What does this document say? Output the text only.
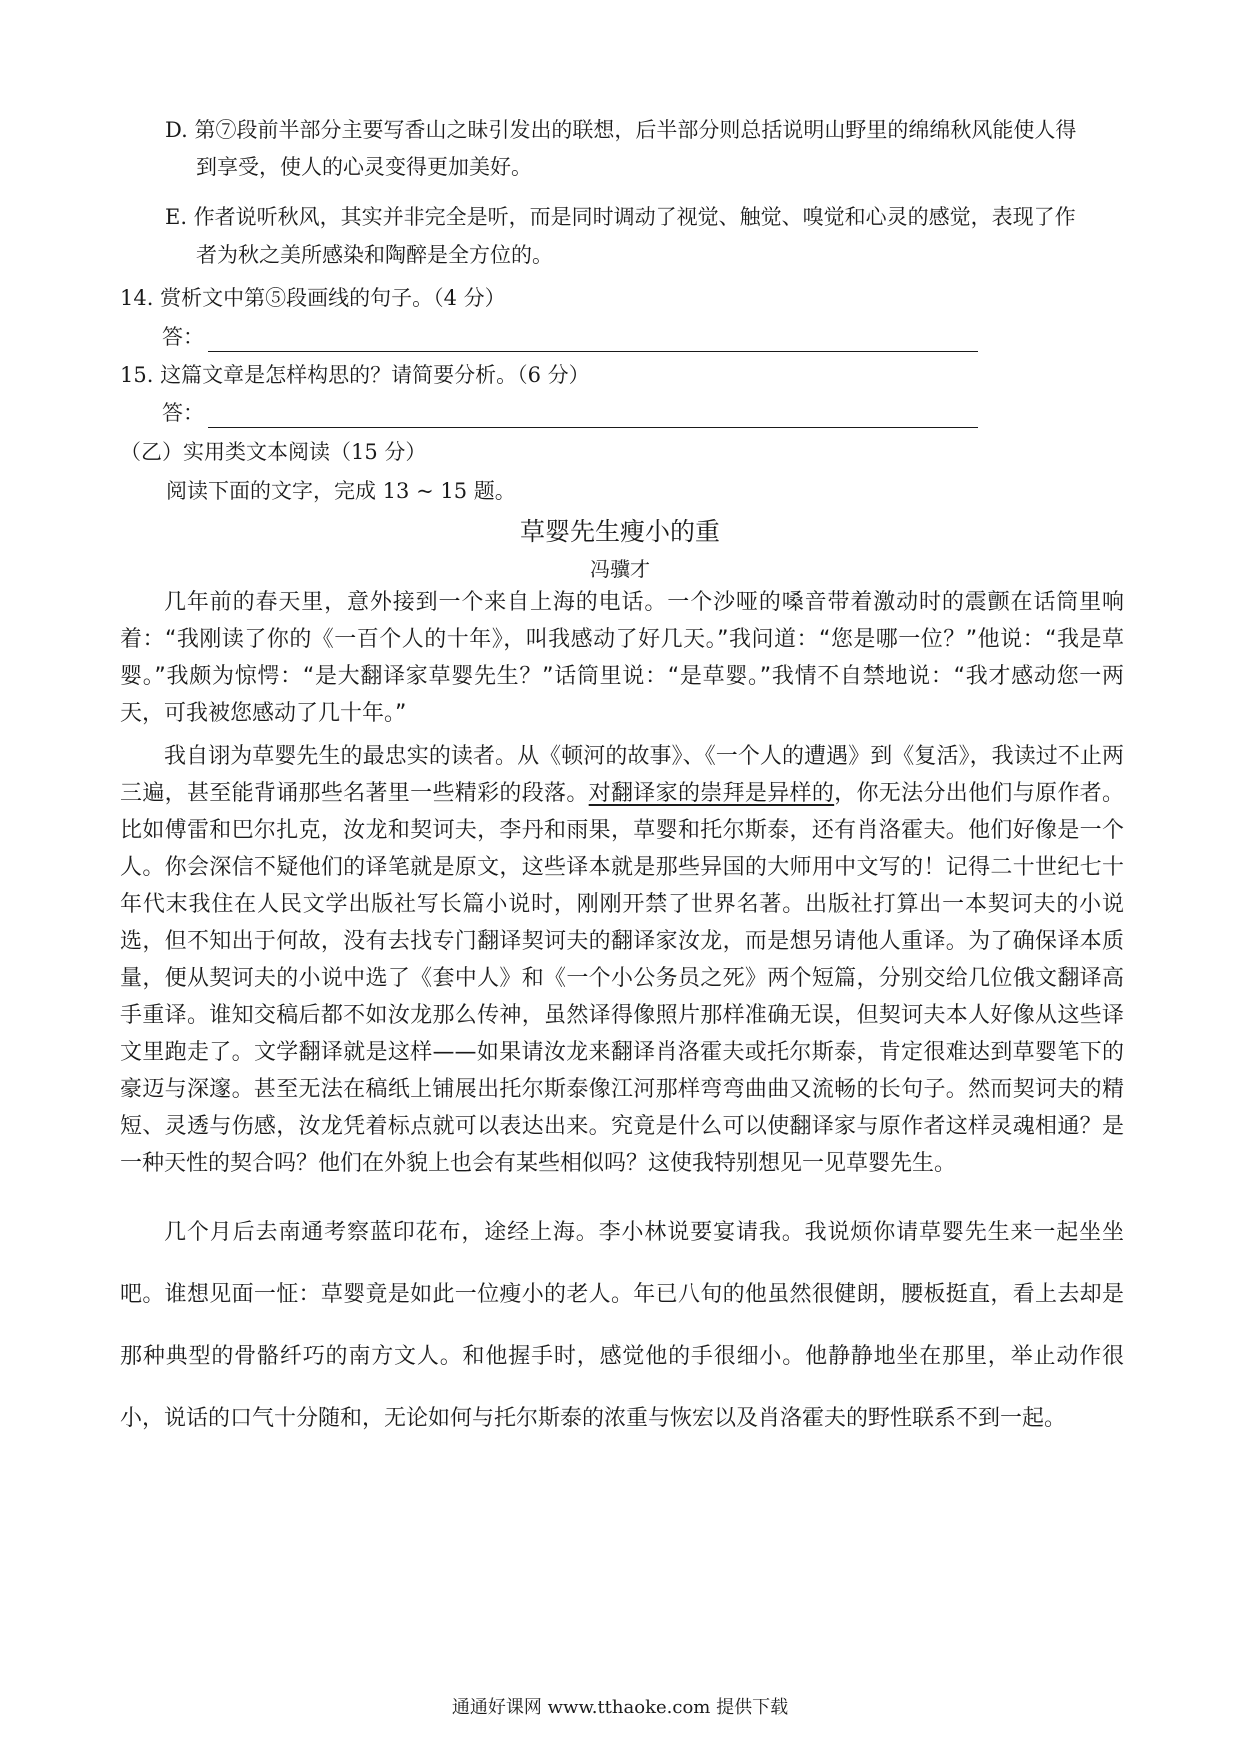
D. 第⑦段前半部分主要写香山之昧引发出的联想，后半部分则总括说明山野里的绵绵秋风能使人得
到享受，使人的心灵变得更加美好。
E. 作者说听秋风，其实并非完全是听，而是同时调动了视觉、触觉、嗅觉和心灵的感觉，表现了作
者为秋之美所感染和陶醉是全方位的。
14. 赏析文中第⑤段画线的句子。（4 分）
答：
15. 这篇文章是怎样构思的？请简要分析。（6 分）
答：
（乙）实用类文本阅读（15 分）
阅读下面的文字，完成 13 ~ 15 题。
草婴先生瘦小的重
冯骥才
几年前的春天里，意外接到一个来自上海的电话。一个沙哑的嗓音带着激动时的震颤在话筒里响着：“我刚读了你的《一百个人的十年》，叫我感动了好几天。”我问道：“您是哪一位？”他说：“我是草婴。”我颇为惊愕：“是大翻译家草婴先生？”话筒里说：“是草婴。”我情不自禁地说：“我才感动您一两天，可我被您感动了几十年。”
我自诩为草婴先生的最忠实的读者。从《顿河的故事》、《一个人的遭遇》到《复活》，我读过不止两三遍，甚至能背诵那些名著里一些精彩的段落。对翻译家的崇拜是异样的，你无法分出他们与原作者。比如傅雷和巴尔扎克，汝龙和契诃夫，李丹和雨果，草婴和托尔斯泰，还有肖洛霍夫。他们好像是一个人。你会深信不疑他们的译笔就是原文，这些译本就是那些异国的大师用中文写的！记得二十世纪七十年代末我住在人民文学出版社写长篇小说时，刚刚开禁了世界名著。出版社打算出一本契诃夫的小说选，但不知出于何故，没有去找专门翻译契诃夫的翻译家汝龙，而是想另请他人重译。为了确保译本质量，便从契诃夫的小说中选了《套中人》和《一个小公务员之死》两个短篇，分别交给几位俄文翻译高手重译。谁知交稿后都不如汝龙那么传神，虽然译得像照片那样准确无误，但契诃夫本人好像从这些译文里跑走了。文学翻译就是这样——如果请汝龙来翻译肖洛霍夫或托尔斯泰，肯定很难达到草婴笔下的豪迈与深邃。甚至无法在稿纸上铺展出托尔斯泰像江河那样弯弯曲曲又流畅的长句子。然而契诃夫的精短、灵透与伤感，汝龙凭着标点就可以表达出来。究竟是什么可以使翻译家与原作者这样灵魂相通？是一种天性的契合吗？他们在外貌上也会有某些相似吗？这使我特别想见一见草婴先生。
几个月后去南通考察蓝印花布，途经上海。李小林说要宴请我。我说烦你请草婴先生来一起坐坐吧。谁想见面一怔：草婴竟是如此一位瘦小的老人。年已八旬的他虽然很健朗，腰板挺直，看上去却是那种典型的骨骼纤巧的南方文人。和他握手时，感觉他的手很细小。他静静地坐在那里，举止动作很小，说话的口气十分随和，无论如何与托尔斯泰的浓重与恢宏以及肖洛霍夫的野性联系不到一起。
通通好课网 www.tthaoke.com 提供下载
